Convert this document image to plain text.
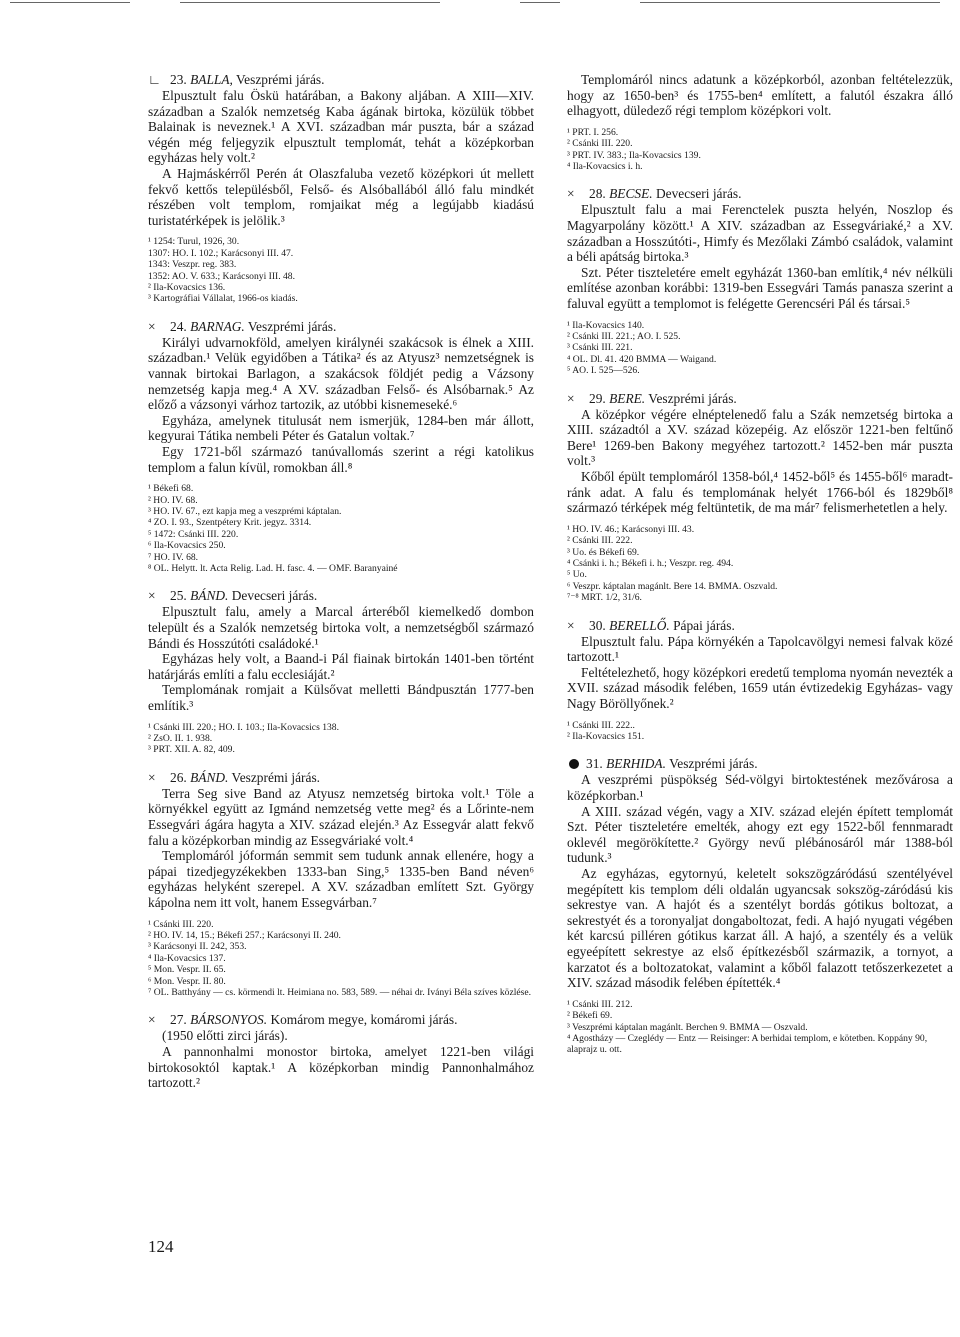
∟ 23. BALLA, Veszprémi járás.

Elpusztult falu Öskü határában, a Bakony aljában. A XIII—XIV. században a Szalók nemzetség Kaba ágának birtoka, közülük többet Balainak is neveznek.¹ A XVI. században már puszta, bár a század végén még feljegyzik elpusztult templomát, tehát a középkorban egyházas hely volt.²

A Hajmáskérről Perén át Olaszfaluba vezető középkori út mellett fekvő kettős településből, Felső- és Alsóballából álló falu mindkét részében volt templom, romjaikat még a legújabb kiadású turistatérképek is jelölik.³

¹ 1254: Turul, 1926, 30.

1307: HO. I. 102.; Karácsonyi III. 47.

1343: Veszpr. reg. 383.

1352: AO. V. 633.; Karácsonyi III. 48.

² Ila-Kovacsics 136.

³ Kartográfiai Vállalat, 1966-os kiadás.

× 24. BARNAG. Veszprémi járás.

Királyi udvarnokföld, amelyen királynéi szakácsok is élnek a XIII. században.¹ Velük egyidőben a Tátika² és az Atyusz³ nemzetségnek is vannak birtokai Barlagon, a szakácsok földjét pedig a Vázsony nemzetség kapja meg.⁴ A XV. században Felső- és Alsóbarnak.⁵ Az előző a vázsonyi várhoz tartozik, az utóbbi kisnemeseké.⁶

Egyháza, amelynek titulusát nem ismerjük, 1284-ben már állott, kegyurai Tátika nembeli Péter és Gatalun voltak.⁷

Egy 1721-ből származó tanúvallomás szerint a régi katolikus templom a falun kívül, romokban áll.⁸

¹ Békefi 68.

² HO. IV. 68.

³ HO. IV. 67., ezt kapja meg a veszprémi káptalan.

⁴ ZO. I. 93., Szentpétery Krit. jegyz. 3314.

⁵ 1472: Csánki III. 220.

⁶ Ila-Kovacsics 250.

⁷ HO. IV. 68.

⁸ OL. Helytt. lt. Acta Relig. Lad. H. fasc. 4. — OMF. Baranyainé

× 25. BÁND. Devecseri járás.

Elpusztult falu, amely a Marcal árteréből kiemelkedő dombon települt és a Szalók nemzetség birtoka volt, a nemzetségből származó Bándi és Hosszútóti családoké.¹

Egyházas hely volt, a Baand-i Pál fiainak birtokán 1401-ben történt határjárás említi a falu ecclesiáját.²

Templomának romjait a Külsővat melletti Bándpusztán 1777-ben említik.³

¹ Csánki III. 220.; HO. I. 103.; Ila-Kovacsics 138.

² ZsO. II. 1. 938.

³ PRT. XII. A. 82, 409.

× 26. BÁND. Veszprémi járás.

Terra Seg sive Band az Atyusz nemzetség birtoka volt.¹ Töle a környékkel együtt az Igmánd nemzetség vette meg² és a Lőrinte-nem Essegvári ágára hagyta a XIV. század elején.³ Az Essegvár alatt fekvő falu a középkorban mindig az Essegváriaké volt.⁴

Templomáról jóformán semmit sem tudunk annak ellenére, hogy a pápai tizedjegyzékekben 1333-ban Sing,⁵ 1335-ben Band néven⁶ egyházas helyként szerepel. A XV. században említett Szt. György kápolna nem itt volt, hanem Essegvárban.⁷

¹ Csánki III. 220.

² HO. IV. 14, 15.; Békefi 257.; Karácsonyi II. 240.

³ Karácsonyi II. 242, 353.

⁴ Ila-Kovacsics 137.

⁵ Mon. Vespr. II. 65.

⁶ Mon. Vespr. II. 80.

⁷ OL. Batthyány — cs. körmendi lt. Heimiana no. 583, 589. — néhai dr. Iványi Béla szíves közlése.

× 27. BÁRSONYOS. Komárom megye, komáromi járás.

(1950 előtti zirci járás).

A pannonhalmi monostor birtoka, amelyet 1221-ben világi birtokosoktól kaptak.¹ A középkorban mindig Pannonhalmához tartozott.²

Templomáról nincs adatunk a középkorból, azonban feltételezzük, hogy az 1650-ben³ és 1755-ben⁴ említett, a falutól északra álló elhagyott, düledező régi templom középkori volt.

¹ PRT. I. 256.

² Csánki III. 220.

³ PRT. IV. 383.; Ila-Kovacsics 139.

⁴ Ila-Kovacsics i. h.

× 28. BECSE. Devecseri járás.

Elpusztult falu a mai Ferenctelek puszta helyén, Noszlop és Magyarpolány között.¹ A XIV. században az Essegváriaké,² a XV. században a Hosszútóti-, Himfy és Mezőlaki Zámbó családok, valamint a béli apátság birtoka.³

Szt. Péter tiszteletére emelt egyházát 1360-ban említik,⁴ név nélküli említése azonban korábbi: 1319-ben Essegvári Tamás panasza szerint a faluval együtt a templomot is felégette Gerencséri Pál és társai.⁵

¹ Ila-Kovacsics 140.

² Csánki III. 221.; AO. I. 525.

³ Csánki III. 221.

⁴ OL. Dl. 41. 420 BMMA — Waigand.

⁵ AO. I. 525—526.

× 29. BERE. Veszprémi járás.

A középkor végére elnéptelenedő falu a Szák nemzetség birtoka a XIII. századtól a XV. század közepéig. Az először 1221-ben feltűnő Bere¹ 1269-ben Bakony megyéhez tartozott.² 1452-ben már puszta volt.³

Kőből épült templomáról 1358-ból,⁴ 1452-ből⁵ és 1455-ből⁶ maradt-ránk adat. A falu és templomának helyét 1766-ból és 1829ből⁸ származó térképek még feltüntetik, de ma már⁷ felismerhetetlen a hely.

¹ HO. IV. 46.; Karácsonyi III. 43.

² Csánki III. 222.

³ Uo. és Békefi 69.

⁴ Csánki i. h.; Békefi i. h.; Veszpr. reg. 494.

⁵ Uo.

⁶ Veszpr. káptalan magánlt. Bere 14. BMMA. Oszvald.

⁷⁻⁸ MRT. 1/2, 31/6.

× 30. BERELLŐ. Pápai járás.

Elpusztult falu. Pápa környékén a Tapolcavölgyi nemesi falvak közé tartozott.¹

Feltételezhető, hogy középkori eredetű temploma nyomán nevezték a XVII. század második felében, 1659 után évtizedekig Egyházas- vagy Nagy Böröllyőnek.²

¹ Csánki III. 222..

² Ila-Kovacsics 151.

31. BERHIDA. Veszprémi járás.

A veszprémi püspökség Séd-völgyi birtoktestének mezővárosa a középkorban.¹

A XIII. század végén, vagy a XIV. század elején épített templomát Szt. Péter tiszteletére emelték, ahogy ezt egy 1522-ből fennmaradt oklevél megörökítette.² György nevű plébánosáról már 1388-ból tudunk.³

Az egyházas, egytornyú, keletelt sokszögzáródású szentélyével megépített kis templom déli oldalán ugyancsak sokszög-záródású kis sekrestye van. A hajót és a szentélyt bordás gótikus boltozat, a sekrestyét és a toronyaljat dongaboltozat, fedi. A hajó nyugati végében két karcsú pilléren gótikus karzat áll. A hajó, a szentély és a velük egyeépített sekrestye az első építkezésből származik, a tornyot, a karzatot és a boltozatokat, valamint a kőből falazott tetőszerkezetet a XIV. század második felében építették.⁴

¹ Csánki III. 212.

² Békefi 69.

³ Veszprémi káptalan magánlt. Berchen 9. BMMA — Oszvald.

⁴ Agostházy — Czeglédy — Entz — Reisinger: A berhidai templom, e kötetben. Koppány 90, alaprajz u. ott.

124
